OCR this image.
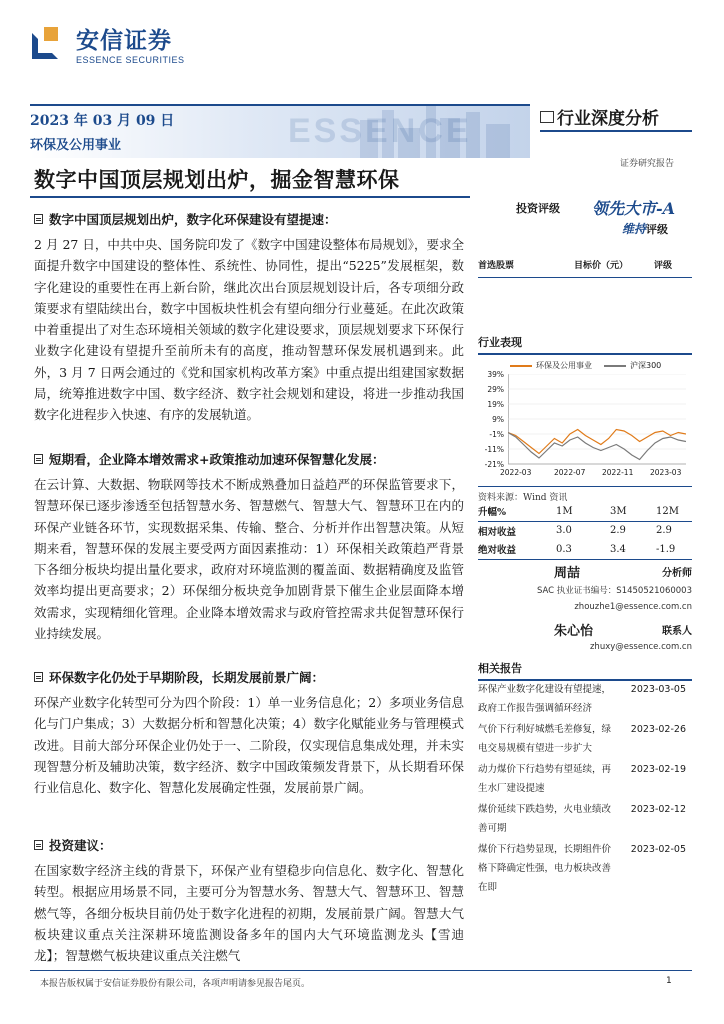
安信证券
ESSENCE SECURITIES
ESSENCE
2023 年 03 月 09 日
环保及公用事业
行业深度分析
证券研究报告
数字中国顶层规划出炉，掘金智慧环保
投资评级 领先大市-A
维持评级
数字中国顶层规划出炉，数字化环保建设有望提速：
2 月 27 日，中共中央、国务院印发了《数字中国建设整体布局规划》，要求全面提升数字中国建设的整体性、系统性、协同性，提出“5225”发展框架，数字化建设的重要性在再上新台阶，继此次出台顶层规划设计后，各专项细分政策要求有望陆续出台，数字中国板块性机会有望向细分行业蔓延。在此次政策中着重提出了对生态环境相关领域的数字化建设要求，顶层规划要求下环保行业数字化建设有望提升至前所未有的高度，推动智慧环保发展机遇到来。此外，3 月 7 日两会通过的《党和国家机构改革方案》中重点提出组建国家数据局，统筹推进数字中国、数字经济、数字社会规划和建设，将进一步推动我国数字化进程步入快速、有序的发展轨道。
短期看，企业降本增效需求+政策推动加速环保智慧化发展：
在云计算、大数据、物联网等技术不断成熟叠加日益趋严的环保监管要求下，智慧环保已逐步渗透至包括智慧水务、智慧燃气、智慧大气、智慧环卫在内的环保产业链各环节，实现数据采集、传输、整合、分析并作出智慧决策。从短期来看，智慧环保的发展主要受两方面因素推动：1）环保相关政策趋严背景下各细分板块均提出量化要求，政府对环境监测的覆盖面、数据精确度及监管效率均提出更高要求；2）环保细分板块竞争加剧背景下催生企业层面降本增效需求，实现精细化管理。企业降本增效需求与政府管控需求共促智慧环保行业持续发展。
环保数字化仍处于早期阶段，长期发展前景广阔：
环保产业数字化转型可分为四个阶段：1）单一业务信息化；2）多项业务信息化与门户集成；3）大数据分析和智慧化决策；4）数字化赋能业务与管理模式改进。目前大部分环保企业仍处于一、二阶段，仅实现信息集成处理，并未实现智慧分析及辅助决策，数字经济、数字中国政策频发背景下，从长期看环保行业信息化、数字化、智慧化发展确定性强，发展前景广阔。
投资建议：
在国家数字经济主线的背景下，环保产业有望稳步向信息化、数字化、智慧化转型。根据应用场景不同，主要可分为智慧水务、智慧大气、智慧环卫、智慧燃气等，各细分板块目前仍处于数字化进程的初期，发展前景广阔。智慧大气板块建议重点关注深耕环境监测设备多年的国内大气环境监测龙头【雪迪龙】；智慧燃气板块建议重点关注燃气
首选股票	目标价（元）	评级
行业表现
环保及公用事业	沪深300
39%
29%
19%
9%
-1%
-11%
-21%
2022-03	2022-07 2022-11 2023-03
资料来源：Wind 资讯
升幅%	1M	3M	12M
相对收益	3.0	2.9	2.9
绝对收益	0.3	3.4	-1.9
周喆	分析师
SAC 执业证书编号：S1450521060003
zhouzhe1@essence.com.cn
朱心怡	联系人
zhuxy@essence.com.cn
相关报告
环保产业数字化建设有望提速，政府工作报告强调循环经济
2023-03-05
气价下行利好城燃毛差修复，绿电交易规模有望进一步扩大
2023-02-26
动力煤价下行趋势有望延续，再生水厂建设提速
2023-02-19
煤价延续下跌趋势，火电业绩改善可期
2023-02-12
煤价下行趋势显现，长期组件价格下降确定性强，电力板块改善在即
2023-02-05
本报告版权属于安信证券股份有限公司，各项声明请参见报告尾页。	1
